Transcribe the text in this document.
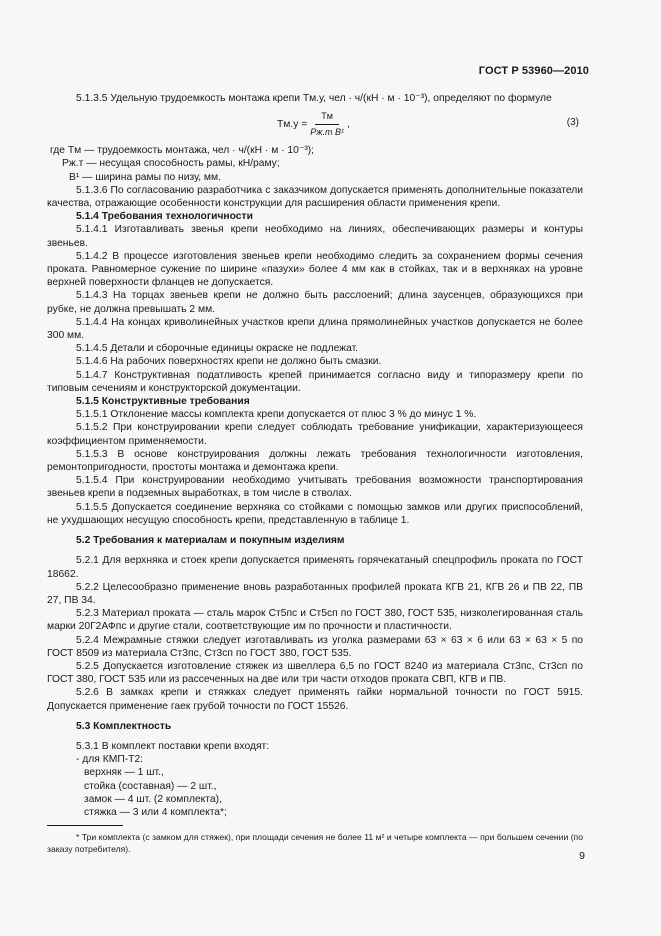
ГОСТ Р 53960—2010

5.1.3.5 Удельную трудоемкость монтажа крепи Tм.у, чел · ч/(кН · м · 10⁻³), определяют по формуле

$Tм.у = \frac{Tм}{\text{Pж.т B¹}}$ ,	(3)

где Tм — трудоемкость монтажа, чел · ч/(кН · м · 10⁻³);

Pж.т — несущая способность рамы, кН/раму;

B¹ — ширина рамы по низу, мм.

5.1.3.6 По согласованию разработчика с заказчиком допускается применять дополнительные показатели качества, отражающие особенности конструкции для расширения области применения крепи.

5.1.4 Требования технологичности

5.1.4.1 Изготавливать звенья крепи необходимо на линиях, обеспечивающих размеры и контуры звеньев.

5.1.4.2 В процессе изготовления звеньев крепи необходимо следить за сохранением формы сечения проката. Равномерное сужение по ширине «пазухи» более 4 мм как в стойках, так и в верхняках на уровне верхней поверхности фланцев не допускается.

5.1.4.3 На торцах звеньев крепи не должно быть расслоений; длина заусенцев, образующихся при рубке, не должна превышать 2 мм.

5.1.4.4 На концах криволинейных участков крепи длина прямолинейных участков допускается не более 300 мм.

5.1.4.5 Детали и сборочные единицы окраске не подлежат.

5.1.4.6 На рабочих поверхностях крепи не должно быть смазки.

5.1.4.7 Конструктивная податливость крепей принимается согласно виду и типоразмеру крепи по типовым сечениям и конструкторской документации.

5.1.5 Конструктивные требования

5.1.5.1 Отклонение массы комплекта крепи допускается от плюс 3 % до минус 1 %.

5.1.5.2 При конструировании крепи следует соблюдать требование унификации, характеризующееся коэффициентом применяемости.

5.1.5.3 В основе конструирования должны лежать требования технологичности изготовления, ремонтопригодности, простоты монтажа и демонтажа крепи.

5.1.5.4 При конструировании необходимо учитывать требования возможности транспортирования звеньев крепи в подземных выработках, в том числе в стволах.

5.1.5.5 Допускается соединение верхняка со стойками с помощью замков или других приспособлений, не ухудшающих несущую способность крепи, представленную в таблице 1.

5.2 Требования к материалам и покупным изделиям

5.2.1 Для верхняка и стоек крепи допускается применять горячекатаный спецпрофиль проката по ГОСТ 18662.

5.2.2 Целесообразно применение вновь разработанных профилей проката КГВ 21, КГВ 26 и ПВ 22, ПВ 27, ПВ 34.

5.2.3 Материал проката — сталь марок Ст5пс и Ст5сп по ГОСТ 380, ГОСТ 535, низколегированная сталь марки 20Г2АФпс и другие стали, соответствующие им по прочности и пластичности.

5.2.4 Межрамные стяжки следует изготавливать из уголка размерами 63 × 63 × 6 или 63 × 63 × 5 по ГОСТ 8509 из материала Ст3пс, Ст3сп по ГОСТ 380, ГОСТ 535.

5.2.5 Допускается изготовление стяжек из швеллера 6,5 по ГОСТ 8240 из материала Ст3пс, Ст3сп по ГОСТ 380, ГОСТ 535 или из рассеченных на две или три части отходов проката СВП, КГВ и ПВ.

5.2.6 В замках крепи и стяжках следует применять гайки нормальной точности по ГОСТ 5915. Допускается применение гаек грубой точности по ГОСТ 15526.

5.3 Комплектность

5.3.1 В комплект поставки крепи входят:

- для КМП-Т2:
верхняк — 1 шт.,
стойка (составная) — 2 шт.,
замок — 4 шт. (2 комплекта),
стяжка — 3 или 4 комплекта*;

* Три комплекта (с замком для стяжек), при площади сечения не более 11 м² и четыре комплекта — при большем сечении (по заказу потребителя).

9
